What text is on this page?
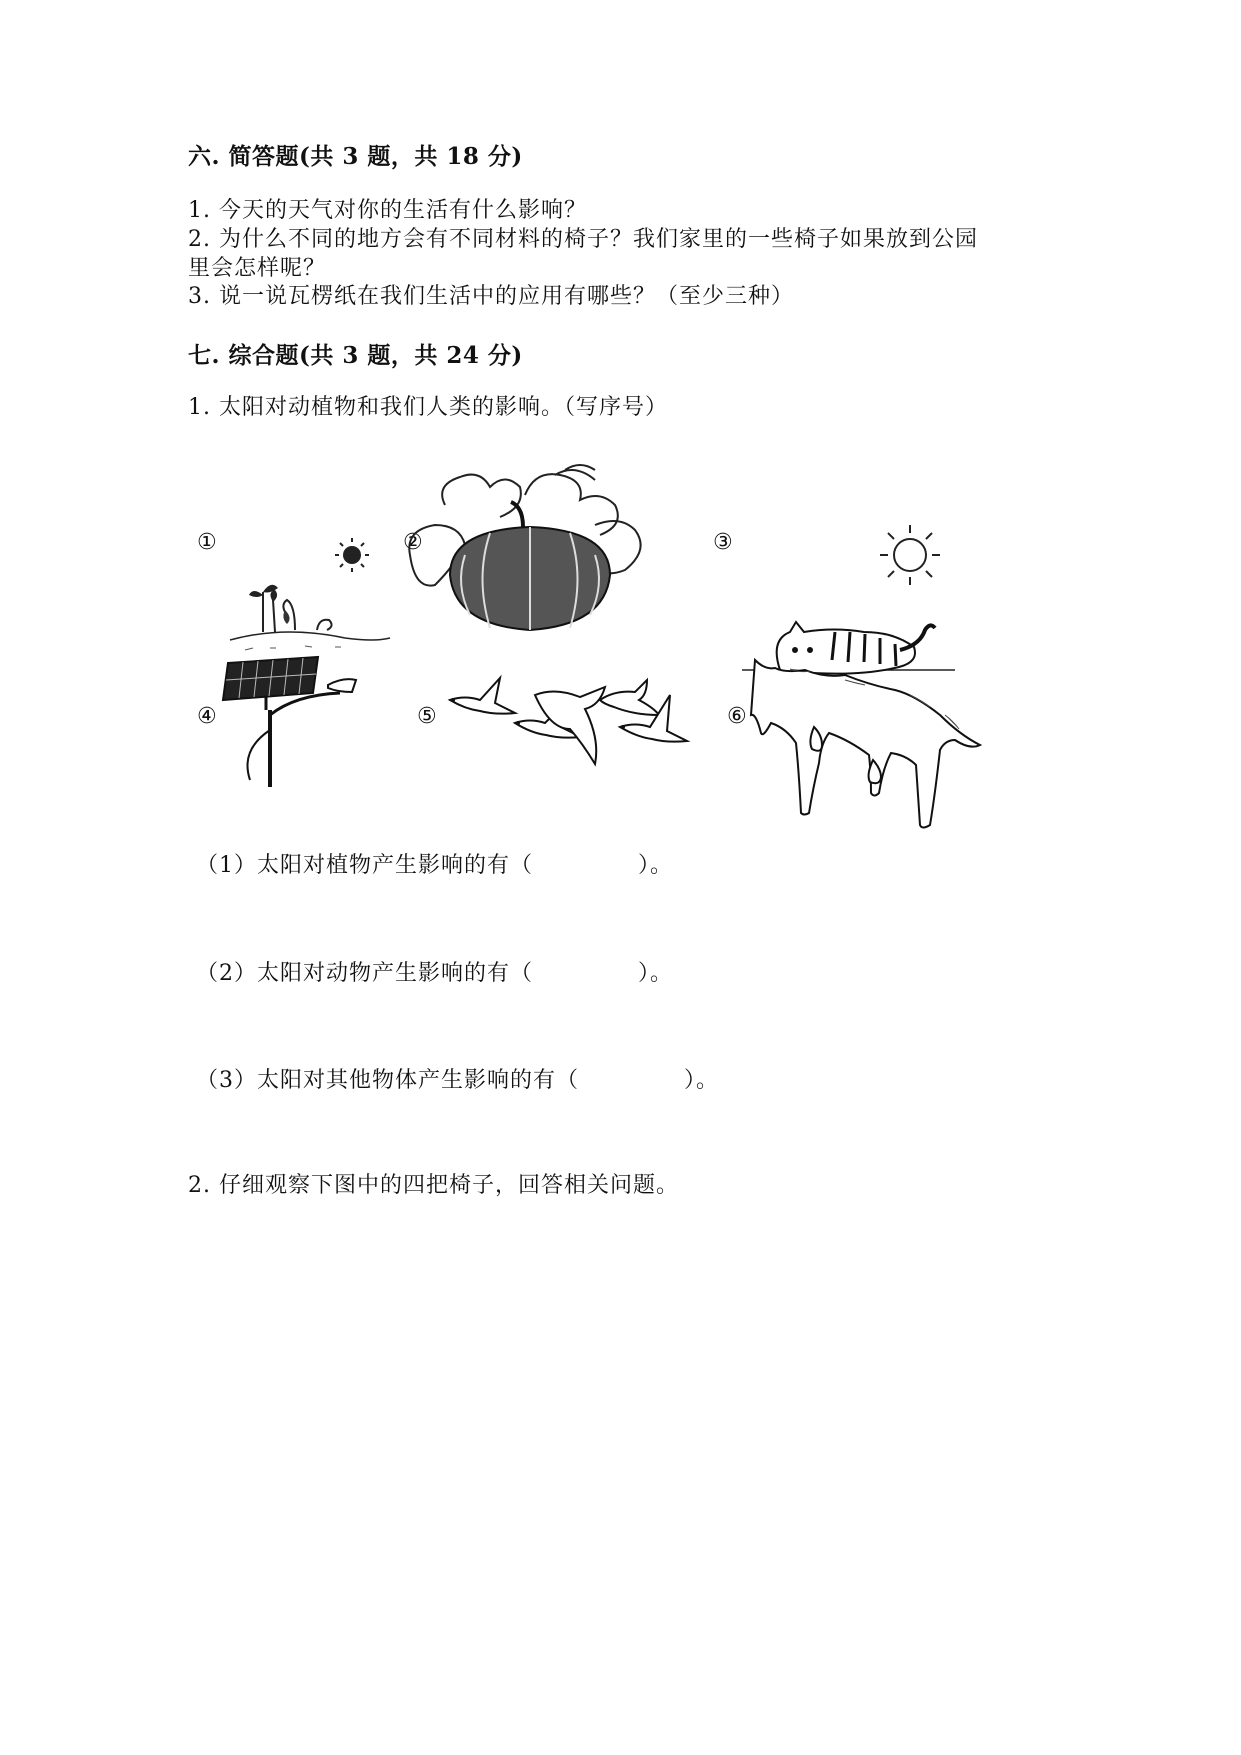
六. 简答题(共 3 题，共 18 分)
1. 今天的天气对你的生活有什么影响？
2. 为什么不同的地方会有不同材料的椅子？我们家里的一些椅子如果放到公园
里会怎样呢？
3. 说一说瓦楞纸在我们生活中的应用有哪些？（至少三种）
七. 综合题(共 3 题，共 24 分)
1. 太阳对动植物和我们人类的影响。（写序号）
①	②	③
④	⑤	⑥
（1）太阳对植物产生影响的有（	）。
（2）太阳对动物产生影响的有（	）。
（3）太阳对其他物体产生影响的有（	）。
2. 仔细观察下图中的四把椅子，回答相关问题。
